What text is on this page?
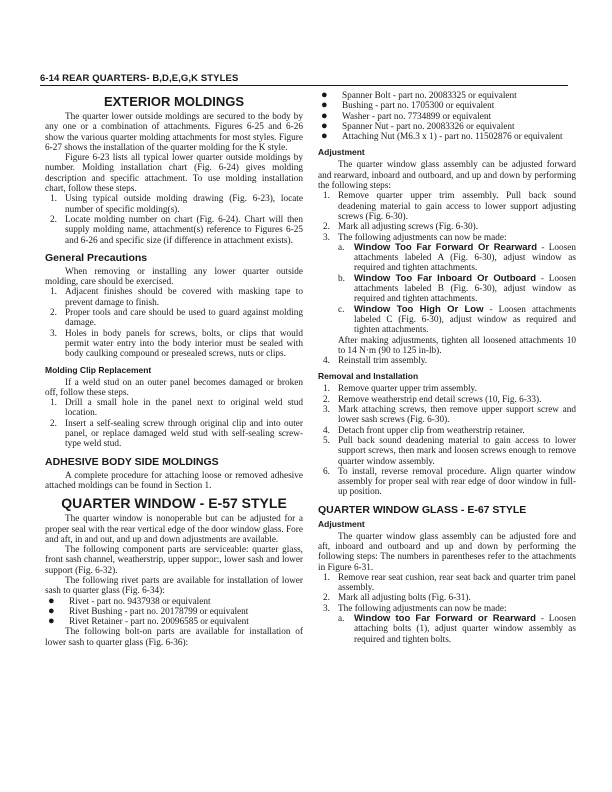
6-14 REAR QUARTERS- B,D,E,G,K STYLES
EXTERIOR MOLDINGS

The quarter lower outside moldings are secured to the body by any one or a combination of attachments. Figures 6-25 and 6-26 show the various quarter molding attachments for most styles. Figure 6-27 shows the installation of the quarter molding for the K style.

Figure 6-23 lists all typical lower quarter outside moldings by number. Molding installation chart (Fig. 6-24) gives molding description and specific attachment. To use molding installation chart, follow these steps.

1. Using typical outside molding drawing (Fig. 6-23), locate number of specific molding(s).
2. Locate molding number on chart (Fig. 6-24). Chart will then supply molding name, attachment(s) reference to Figures 6-25 and 6-26 and specific size (if difference in attachment exists).
General Precautions

When removing or installing any lower quarter outside molding, care should be exercised.

1. Adjacent finishes should be covered with masking tape to prevent damage to finish.
2. Proper tools and care should be used to guard against molding damage.
3. Holes in body panels for screws, bolts, or clips that would permit water entry into the body interior must be sealed with body caulking compound or presealed screws, nuts or clips.
Molding Clip Replacement

If a weld stud on an outer panel becomes damaged or broken off, follow these steps.

1. Drill a small hole in the panel next to original weld stud location.
2. Insert a self-sealing screw through original clip and into outer panel, or replace damaged weld stud with self-sealing screw-type weld stud.
ADHESIVE BODY SIDE MOLDINGS

A complete procedure for attaching loose or removed adhesive attached moldings can be found in Section 1.

QUARTER WINDOW - E-57 STYLE

The quarter window is nonoperable but can be adjusted for a proper seal with the rear vertical edge of the door window glass. Fore and aft, in and out, and up and down adjustments are available.

The following component parts are serviceable: quarter glass, front sash channel, weatherstrip, upper suppor:, lower sash and lower support (Fig. 6-32).

The following rivet parts are available for installation of lower sash to quarter glass (Fig. 6-34):

● Rivet - part no. 9437938 or equivalent
● Rivet Bushing - part no. 20178799 or equivalent
● Rivet Retainer - part no. 20096585 or equivalent

The following bolt-on parts are available for installation of lower sash to quarter glass (Fig. 6-36):

● Spanner Bolt - part no. 20083325 or equivalent
● Bushing - part no. 1705300 or equivalent
● Washer - part no. 7734899 or equivalent
● Spanner Nut - part no. 20083326 or equivalent
● Attaching Nut (M6.3 x 1) - part no. 11502876 or equivalent
Adjustment

The quarter window glass assembly can be adjusted forward and rearward, inboard and outboard, and up and down by performing the following steps:

1. Remove quarter upper trim assembly. Pull back sound deadening material to gain access to lower support adjusting screws (Fig. 6-30).
2. Mark all adjusting screws (Fig. 6-30).
3. The following adjustments can now be made:
a. Window Too Far Forward Or Rearward - Loosen attachments labeled A (Fig. 6-30), adjust window as required and tighten attachments.
b. Window Too Far Inboard Or Outboard - Loosen attachments labeled B (Fig. 6-30), adjust window as required and tighten attachments.
c. Window Too High Or Low - Loosen attachments labeled C (Fig. 6-30), adjust window as required and tighten attachments.

After making adjustments, tighten all loosened attachments 10 to 14 N·m (90 to 125 in-lb).

4. Reinstall trim assembly.
Removal and Installation
1. Remove quarter upper trim assembly.
2. Remove weatherstrip end detail screws (10, Fig. 6-33).
3. Mark attaching screws, then remove upper support screw and lower sash screws (Fig. 6-30).
4. Detach front upper clip from weatherstrip retainer.
5. Pull back sound deadening material to gain access to lower support screws, then mark and loosen screws enough to remove quarter window assembly.
6. To install, reverse removal procedure. Align quarter window assembly for proper seal with rear edge of door window in full-up position.
QUARTER WINDOW GLASS - E-67 STYLE
Adjustment

The quarter window glass assembly can be adjusted fore and aft, inboard and outboard and up and down by performing the following steps: The numbers in parentheses refer to the attachments in Figure 6-31.

1. Remove rear seat cushion, rear seat back and quarter trim panel assembly.
2. Mark all adjusting bolts (Fig. 6-31).
3. The following adjustments can now be made:
a. Window too Far Forward or Rearward - Loosen attaching bolts (1), adjust quarter window assembly as required and tighten bolts.
